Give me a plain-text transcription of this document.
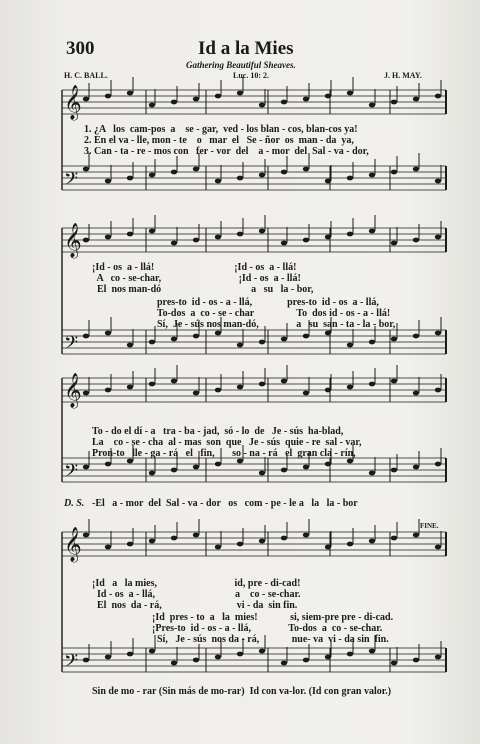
300	Id a la Mies
Gathering Beautiful Sheaves.
H. C. BALL.	Luc. 10: 2.	J. H. MAY.
FINE.
𝄞
𝄢
𝄞
𝄢
𝄞
𝄢
𝄞
𝄢
1. ¿A   los  cam-pos  a    se - gar,  ved - los blan - cos, blan-cos ya!
2. En el va - lle, mon - te    o   mar  el   Se - ñor  os  man - da  ya,
3. Can - ta - re - mos con   fer - vor  del    a - mor  del  Sal - va - dor,
¡Id - os  a - llá!                                ¡Id - os  a - llá!
A   co - se-char,                               ¡Id - os  a - llá!
El  nos man-dó                                    a   su   la - bor,
pres-to  id - os - a - llá,              pres-to  id - os  a - llá,
To-dos  a  co - se - char                 To  dos id - os - a - llá!
Sí,  Je - sús nos man-dó,               a   su  san - ta - la - bor,
To - do el dí - a   tra - ba - jad,  só - lo  de   Je - sús  ha-blad,
La    co - se - cha  al - mas  son  que   Je - sús  quie - re  sal - var,
Pron-to   lle - ga - rá   el   fin,       so - na - rá   el  gran cla - rín,
D. S. -El   a - mor  del  Sal - va - dor   os   com - pe - le a   la   la - bor
¡Id   a   la mies,                               id, pre - di-cad!
Id - os  a - llá,                                a    co - se-char.
El  nos  da - rá,                              vi - da  sin fin.
¡Id  pres - to  a   la  mies!             si, siem-pre pre - di-cad.
¡Pres-to  id - os - a - llá,               To-dos  a  co - se-char.
Sí,   Je - sús  nos da - rá,             nue- va  vi - da sin  fin.
Sin de mo - rar (Sin más de mo-rar)  Id con va-lor. (Id con gran valor.)
